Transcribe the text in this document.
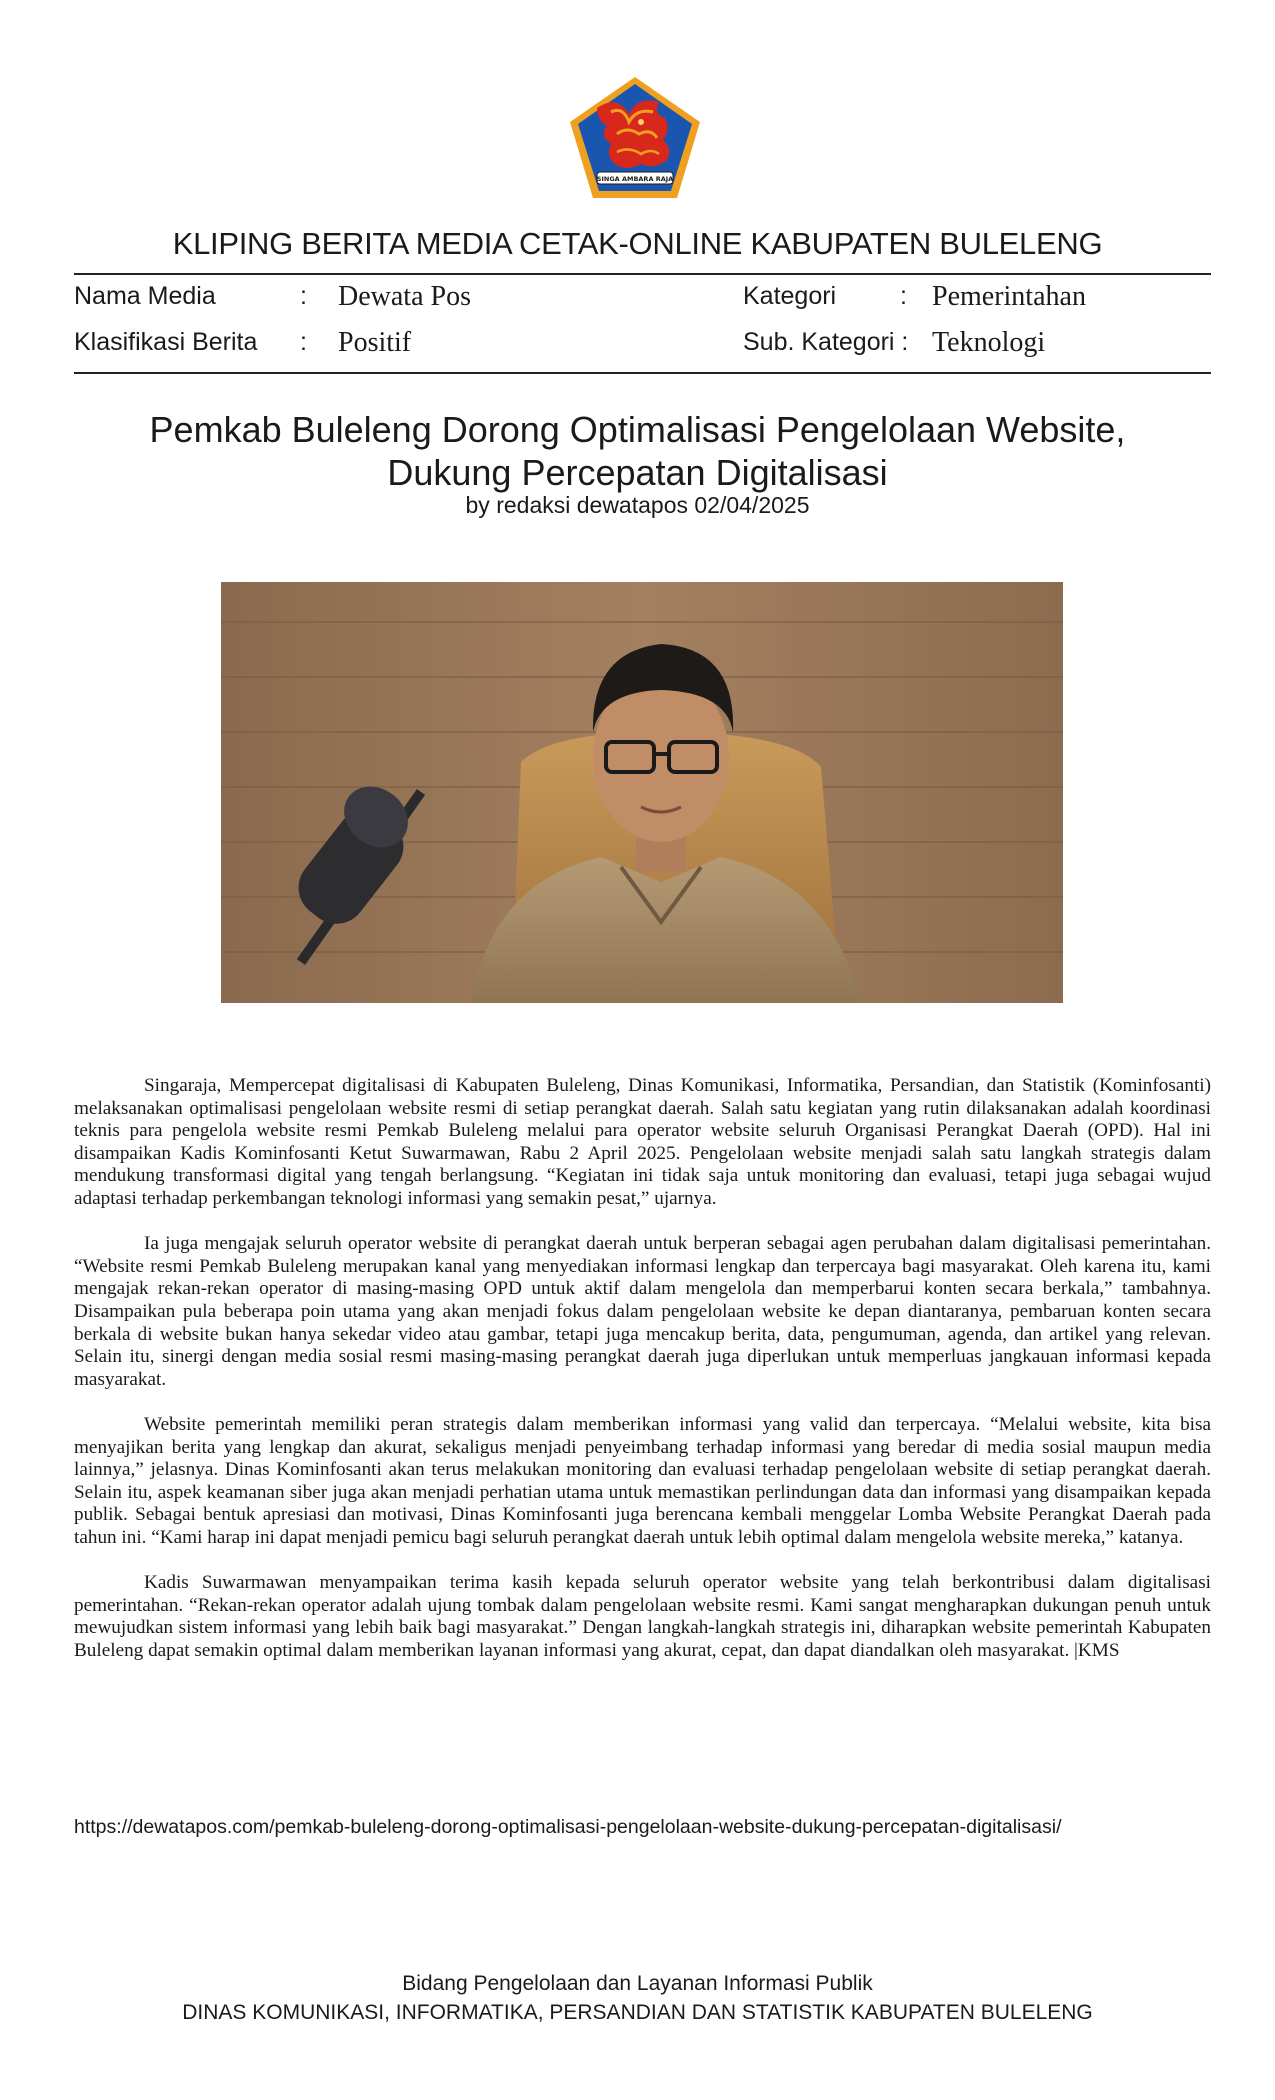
SINGA AMBARA RAJA
KLIPING BERITA MEDIA CETAK-ONLINE KABUPATEN BULELENG
Nama Media	: Dewata Pos
Klasifikasi Berita : Positif
Kategori	: Pemerintahan
Sub. Kategori : Teknologi
Pemkab Buleleng Dorong Optimalisasi Pengelolaan Website,
Dukung Percepatan Digitalisasi
by redaksi dewatapos 02/04/2025

Singaraja, Mempercepat digitalisasi di Kabupaten Buleleng, Dinas Komunikasi, Informatika, Persandian, dan Statistik (Kominfosanti) melaksanakan optimalisasi pengelolaan website resmi di setiap perangkat daerah. Salah satu kegiatan yang rutin dilaksanakan adalah koordinasi teknis para pengelola website resmi Pemkab Buleleng melalui para operator website seluruh Organisasi Perangkat Daerah (OPD). Hal ini disampaikan Kadis Kominfosanti Ketut Suwarmawan, Rabu 2 April 2025. Pengelolaan website menjadi salah satu langkah strategis dalam mendukung transformasi digital yang tengah berlangsung. “Kegiatan ini tidak saja untuk monitoring dan evaluasi, tetapi juga sebagai wujud adaptasi terhadap perkembangan teknologi informasi yang semakin pesat,” ujarnya.

Ia juga mengajak seluruh operator website di perangkat daerah untuk berperan sebagai agen perubahan dalam digitalisasi pemerintahan. “Website resmi Pemkab Buleleng merupakan kanal yang menyediakan informasi lengkap dan terpercaya bagi masyarakat. Oleh karena itu, kami mengajak rekan-rekan operator di masing-masing OPD untuk aktif dalam mengelola dan memperbarui konten secara berkala,” tambahnya. Disampaikan pula beberapa poin utama yang akan menjadi fokus dalam pengelolaan website ke depan diantaranya, pembaruan konten secara berkala di website bukan hanya sekedar video atau gambar, tetapi juga mencakup berita, data, pengumuman, agenda, dan artikel yang relevan. Selain itu, sinergi dengan media sosial resmi masing-masing perangkat daerah juga diperlukan untuk memperluas jangkauan informasi kepada masyarakat.

Website pemerintah memiliki peran strategis dalam memberikan informasi yang valid dan terpercaya. “Melalui website, kita bisa menyajikan berita yang lengkap dan akurat, sekaligus menjadi penyeimbang terhadap informasi yang beredar di media sosial maupun media lainnya,” jelasnya. Dinas Kominfosanti akan terus melakukan monitoring dan evaluasi terhadap pengelolaan website di setiap perangkat daerah. Selain itu, aspek keamanan siber juga akan menjadi perhatian utama untuk memastikan perlindungan data dan informasi yang disampaikan kepada publik. Sebagai bentuk apresiasi dan motivasi, Dinas Kominfosanti juga berencana kembali menggelar Lomba Website Perangkat Daerah pada tahun ini. “Kami harap ini dapat menjadi pemicu bagi seluruh perangkat daerah untuk lebih optimal dalam mengelola website mereka,” katanya.

Kadis Suwarmawan menyampaikan terima kasih kepada seluruh operator website yang telah berkontribusi dalam digitalisasi pemerintahan. “Rekan-rekan operator adalah ujung tombak dalam pengelolaan website resmi. Kami sangat mengharapkan dukungan penuh untuk mewujudkan sistem informasi yang lebih baik bagi masyarakat.” Dengan langkah-langkah strategis ini, diharapkan website pemerintah Kabupaten Buleleng dapat semakin optimal dalam memberikan layanan informasi yang akurat, cepat, dan dapat diandalkan oleh masyarakat. |KMS

https://dewatapos.com/pemkab-buleleng-dorong-optimalisasi-pengelolaan-website-dukung-percepatan-digitalisasi/
Bidang Pengelolaan dan Layanan Informasi Publik
DINAS KOMUNIKASI, INFORMATIKA, PERSANDIAN DAN STATISTIK KABUPATEN BULELENG
